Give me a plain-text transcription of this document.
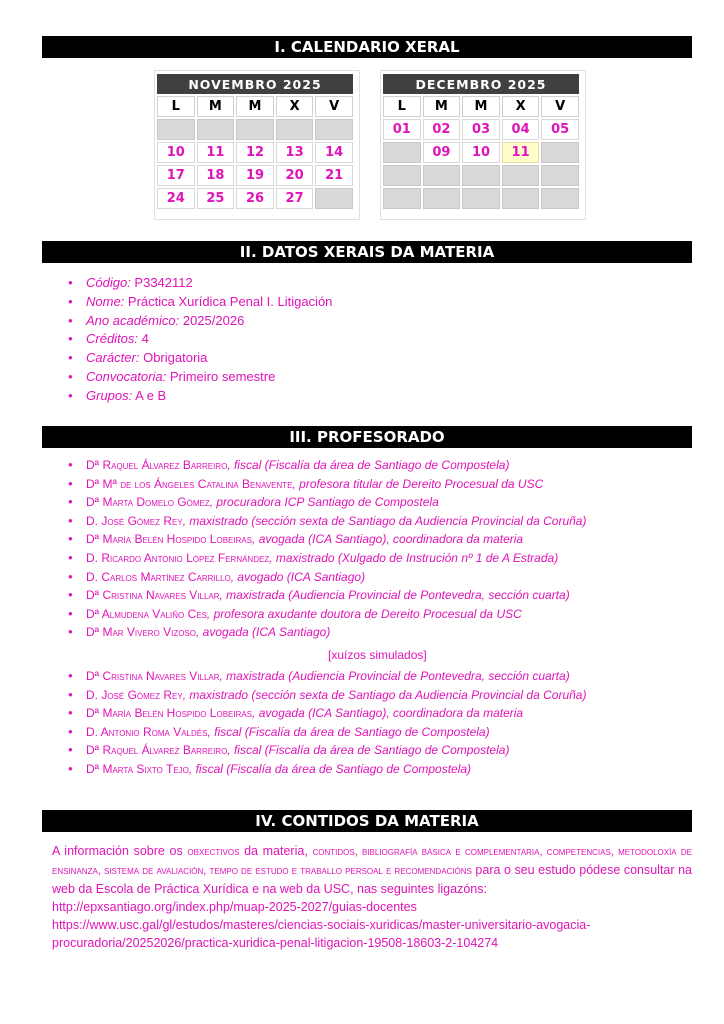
I. CALENDARIO XERAL
NOVEMBRO 2025				
L	M	M	X	V

10	11	12	13	14
17	18	19	20	21
24	25	26	27	
DECEMBRO 2025				
L	M	M	X	V
01	02	03	04	05
	09	10	11	

II. DATOS XERAIS DA MATERIA
● Código: P3342112
● Nome: Práctica Xurídica Penal I. Litigación
● Ano académico: 2025/2026
● Créditos: 4
● Carácter: Obrigatoria
● Convocatoria: Primeiro semestre
● Grupos: A e B
III. PROFESORADO
● Dª Raquel Álvarez Barreiro, fiscal (Fiscalía da área de Santiago de Compostela)
● Dª Mª de los Ángeles Catalina Benavente, profesora titular de Dereito Procesual da USC
● Dª Marta Domelo Gómez, procuradora ICP Santiago de Compostela
● D. José Gómez Rey, maxistrado (sección sexta de Santiago da Audiencia Provincial da Coruña)
● Dª María Belén Hospido Lobeiras, avogada (ICA Santiago), coordinadora da materia
● D. Ricardo Antonio López Fernández, maxistrado (Xulgado de Instrución nº 1 de A Estrada)
● D. Carlos Martínez Carrillo, avogado (ICA Santiago)
● Dª Cristina Navares Villar, maxistrada (Audiencia Provincial de Pontevedra, sección cuarta)
● Dª Almudena Valiño Ces, profesora axudante doutora de Dereito Procesual da USC
● Dª Mar Vivero Vizoso, avogada (ICA Santiago)
[xuízos simulados]
● Dª Cristina Navares Villar, maxistrada (Audiencia Provincial de Pontevedra, sección cuarta)
● D. José Gómez Rey, maxistrado (sección sexta de Santiago da Audiencia Provincial da Coruña)
● Dª María Belén Hospido Lobeiras, avogada (ICA Santiago), coordinadora da materia
● D. Antonio Roma Valdés, fiscal (Fiscalía da área de Santiago de Compostela)
● Dª Raquel Álvarez Barreiro, fiscal (Fiscalía da área de Santiago de Compostela)
● Dª Marta Sixto Tejo, fiscal (Fiscalía da área de Santiago de Compostela)
IV. CONTIDOS DA MATERIA
A información sobre os obxectivos da materia, contidos, bibliografía básica e complementaria, competencias, metodoloxía de ensinanza, sistema de avaliación, tempo de estudo e traballo persoal e recomendacións para o seu estudo pódese consultar na web da Escola de Práctica Xurídica e na web da USC, nas seguintes ligazóns:
http://epxsantiago.org/index.php/muap-2025-2027/guias-docentes
https://www.usc.gal/gl/estudos/masteres/ciencias-sociais-xuridicas/master-universitario-avogacia-procuradoria/20252026/practica-xuridica-penal-litigacion-19508-18603-2-104274
